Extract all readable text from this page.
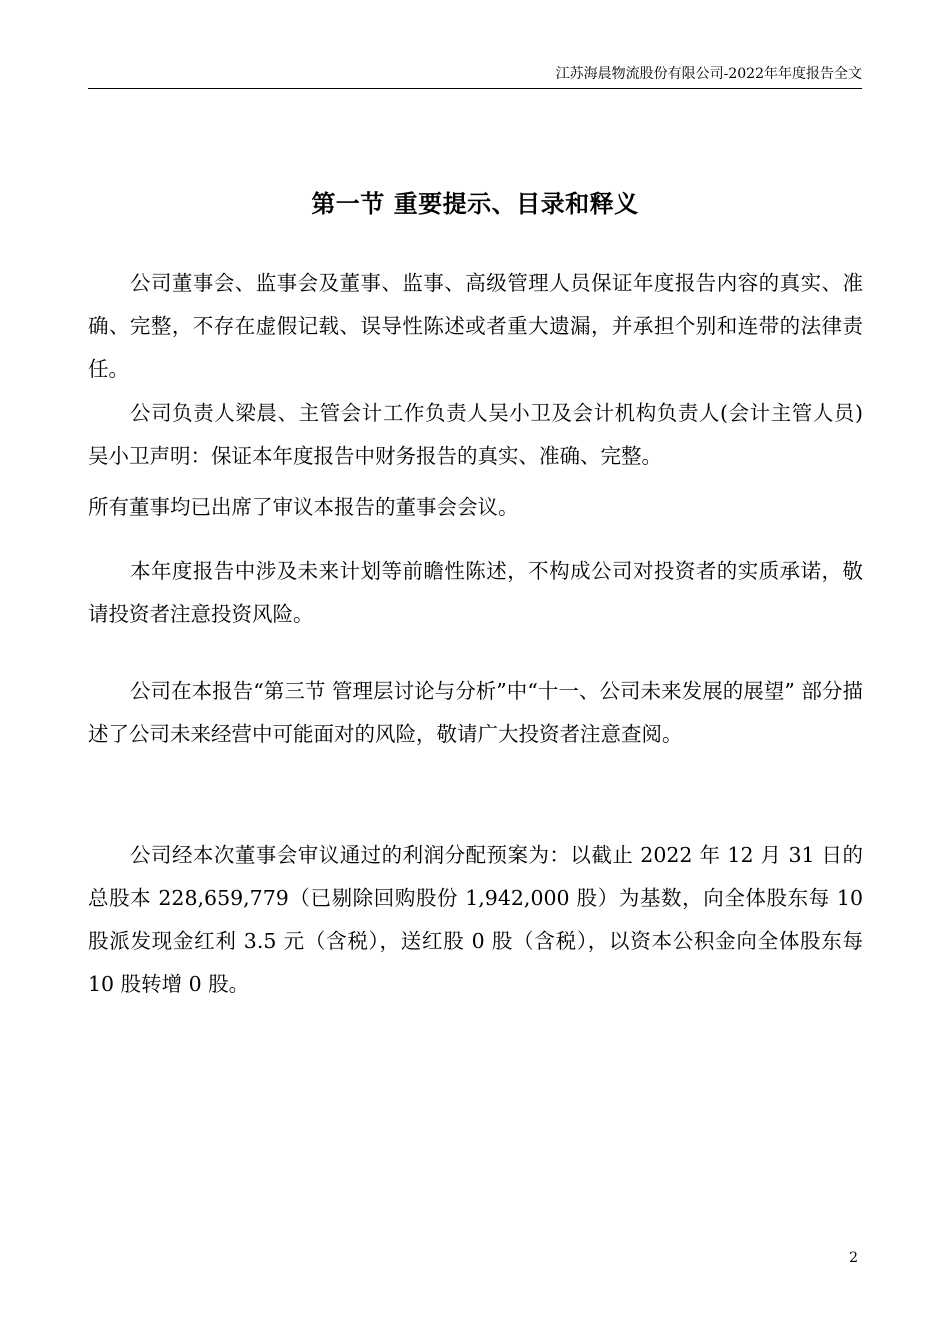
江苏海晨物流股份有限公司-2022年年度报告全文
第一节 重要提示、目录和释义

公司董事会、监事会及董事、监事、高级管理人员保证年度报告内容的真实、准确、完整，不存在虚假记载、误导性陈述或者重大遗漏，并承担个别和连带的法律责任。

公司负责人梁晨、主管会计工作负责人吴小卫及会计机构负责人(会计主管人员)吴小卫声明：保证本年度报告中财务报告的真实、准确、完整。

所有董事均已出席了审议本报告的董事会会议。

本年度报告中涉及未来计划等前瞻性陈述，不构成公司对投资者的实质承诺，敬请投资者注意投资风险。

公司在本报告“第三节 管理层讨论与分析”中“十一、公司未来发展的展望” 部分描述了公司未来经营中可能面对的风险，敬请广大投资者注意查阅。

公司经本次董事会审议通过的利润分配预案为：以截止 2022 年 12 月 31 日的总股本 228,659,779（已剔除回购股份 1,942,000 股）为基数，向全体股东每 10 股派发现金红利 3.5 元（含税），送红股 0 股（含税），以资本公积金向全体股东每 10 股转增 0 股。

2
